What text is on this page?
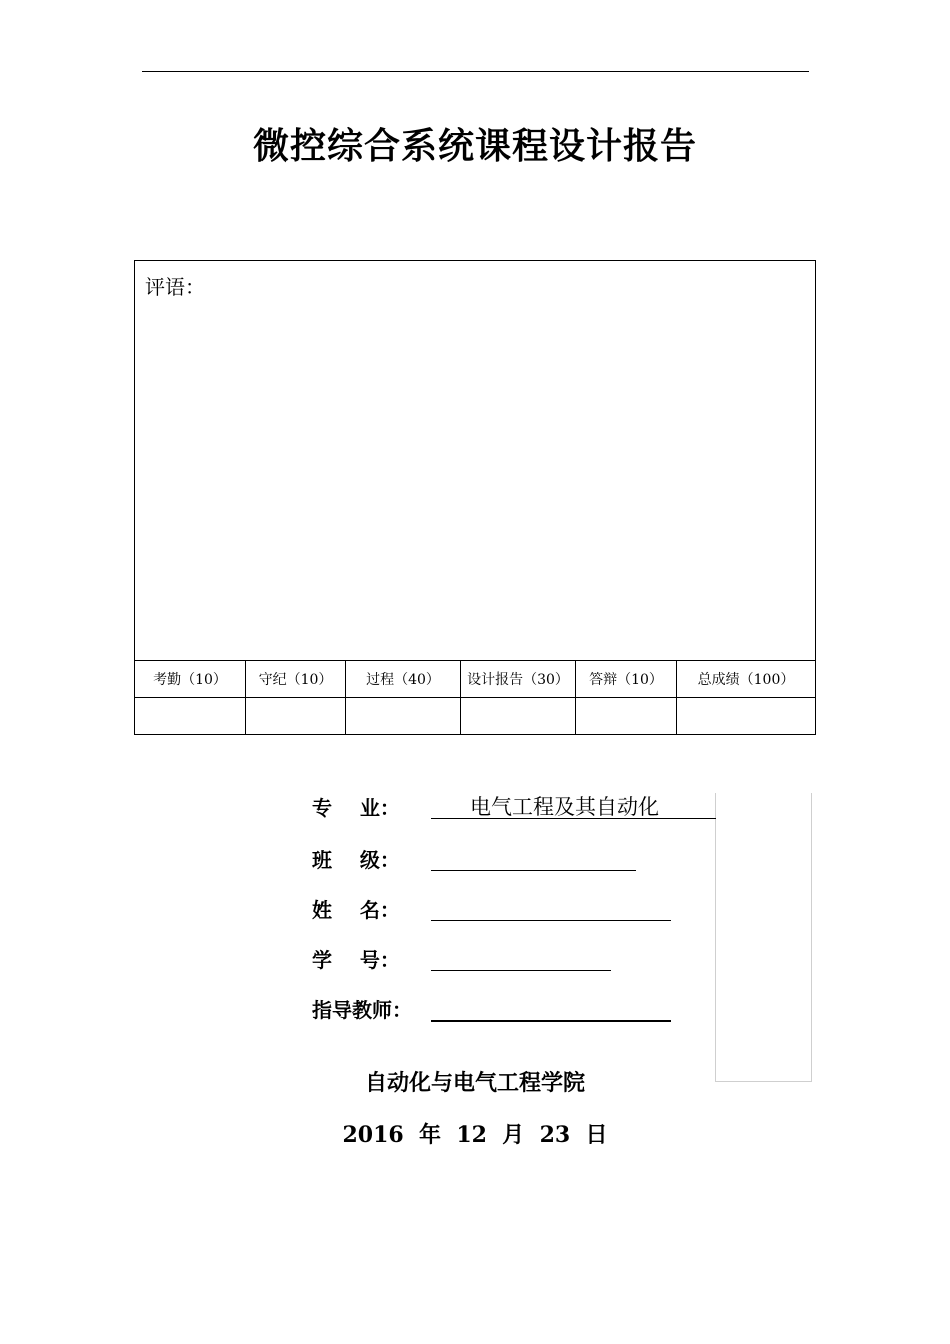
微控综合系统课程设计报告
评语：
考勤（10）	守纪（10）	过程（40）	设计报告（30）	答辩（10）	总成绩（100）
专    业：	电气工程及其自动化
班    级：
姓    名：
学    号：
指导教师：
自动化与电气工程学院
2016  年  12  月  23  日
